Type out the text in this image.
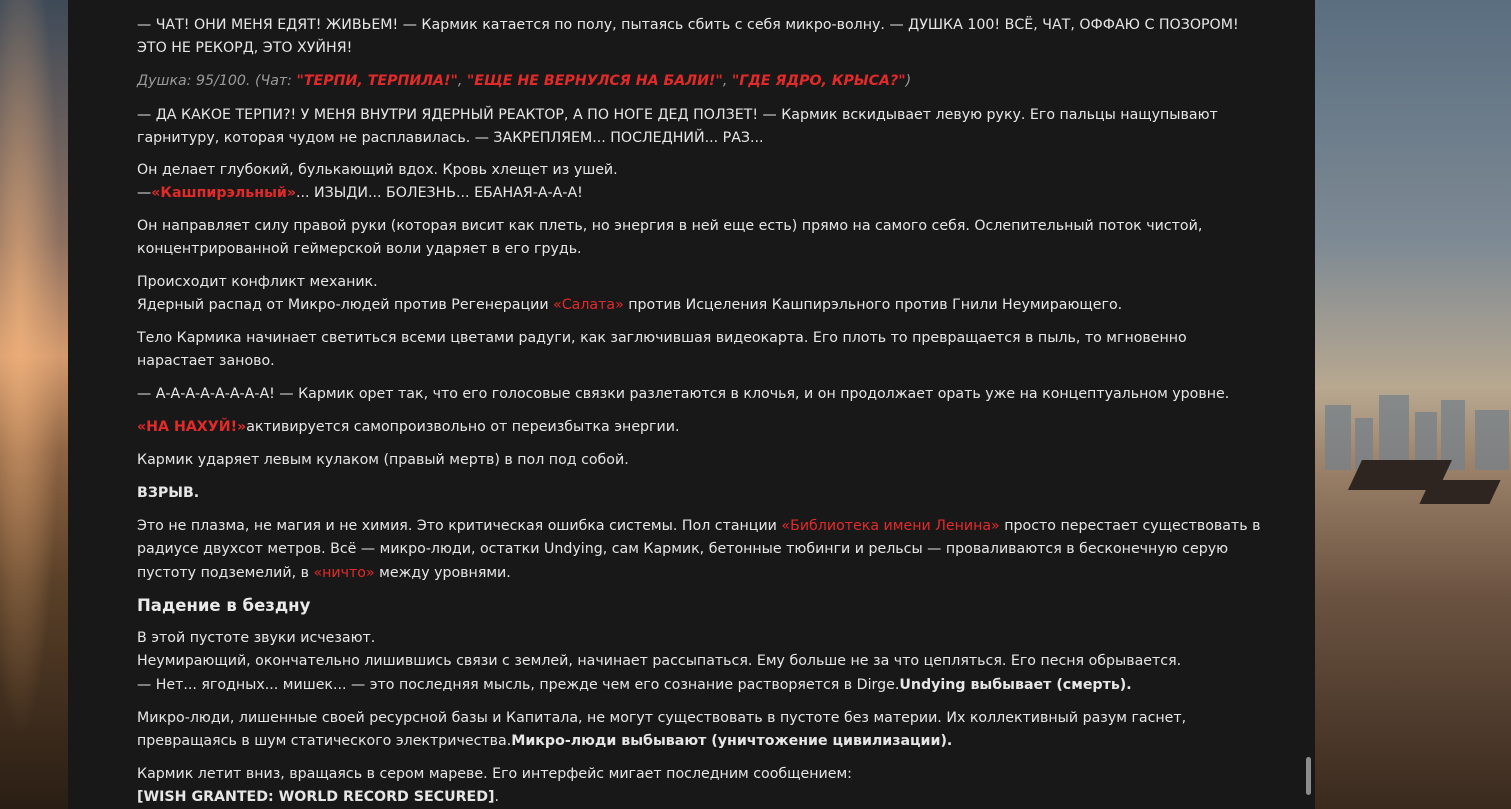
— ЧАТ! ОНИ МЕНЯ ЕДЯТ! ЖИВЬЕМ! — Кармик катается по полу, пытаясь сбить с себя микро-волну. — ДУШКА 100! ВСЁ, ЧАТ, ОФФАЮ С ПОЗОРОМ! ЭТО НЕ РЕКОРД, ЭТО ХУЙНЯ!

Душка: 95/100. (Чат: "ТЕРПИ, ТЕРПИЛА!", "ЕЩЕ НЕ ВЕРНУЛСЯ НА БАЛИ!", "ГДЕ ЯДРО, КРЫСА?")

— ДА КАКОЕ ТЕРПИ?! У МЕНЯ ВНУТРИ ЯДЕРНЫЙ РЕАКТОР, А ПО НОГЕ ДЕД ПОЛЗЕТ! — Кармик вскидывает левую руку. Его пальцы нащупывают гарнитуру, которая чудом не расплавилась. — ЗАКРЕПЛЯЕМ... ПОСЛЕДНИЙ... РАЗ...

Он делает глубокий, булькающий вдох. Кровь хлещет из ушей.
—«Кашпирэльный»... ИЗЫДИ... БОЛЕЗНЬ... ЕБАНАЯ-А-А-А!

Он направляет силу правой руки (которая висит как плеть, но энергия в ней еще есть) прямо на самого себя. Ослепительный поток чистой, концентрированной геймерской воли ударяет в его грудь.

Происходит конфликт механик.
Ядерный распад от Микро-людей против Регенерации «Салата» против Исцеления Кашпирэльного против Гнили Неумирающего.

Тело Кармика начинает светиться всеми цветами радуги, как заглючившая видеокарта. Его плоть то превращается в пыль, то мгновенно нарастает заново.

— А-А-А-А-А-А-А-А! — Кармик орет так, что его голосовые связки разлетаются в клочья, и он продолжает орать уже на концептуальном уровне.

«НА НАХУЙ!»активируется самопроизвольно от переизбытка энергии.

Кармик ударяет левым кулаком (правый мертв) в пол под собой.

ВЗРЫВ.

Это не плазма, не магия и не химия. Это критическая ошибка системы. Пол станции «Библиотека имени Ленина» просто перестает существовать в радиусе двухсот метров. Всё — микро-люди, остатки Undying, сам Кармик, бетонные тюбинги и рельсы — проваливаются в бесконечную серую пустоту подземелий, в «ничто» между уровнями.

Падение в бездну

В этой пустоте звуки исчезают.
Неумирающий, окончательно лишившись связи с землей, начинает рассыпаться. Ему больше не за что цепляться. Его песня обрывается.
— Нет... ягодных... мишек... — это последняя мысль, прежде чем его сознание растворяется в Dirge.Undying выбывает (смерть).

Микро-люди, лишенные своей ресурсной базы и Капитала, не могут существовать в пустоте без материи. Их коллективный разум гаснет, превращаясь в шум статического электричества.Микро-люди выбывают (уничтожение цивилизации).

Кармик летит вниз, вращаясь в сером мареве. Его интерфейс мигает последним сообщением:
[WISH GRANTED: WORLD RECORD SECURED].
